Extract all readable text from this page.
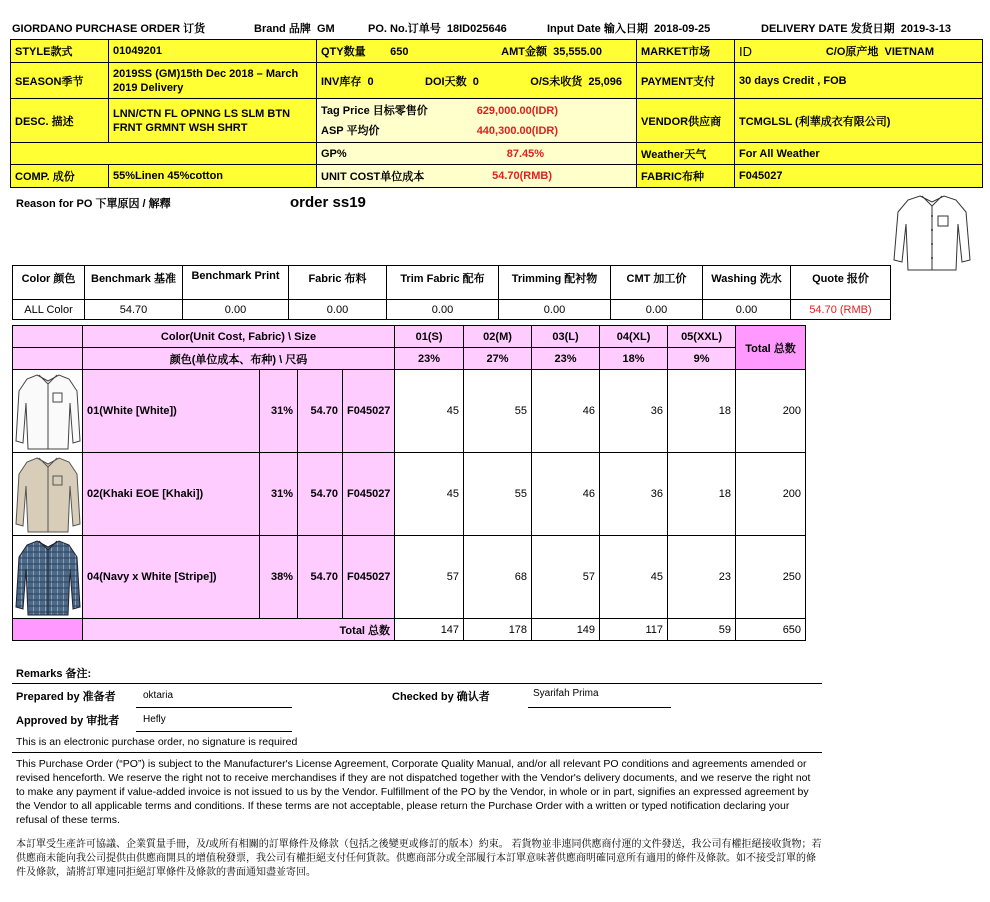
GIORDANO PURCHASE ORDER 订货	Brand 品牌 GM	PO. No.订单号 18ID025646	Input Date 输入日期 2018-09-25	DELIVERY DATE 发货日期 2019-3-13
STYLE款式	01049201	QTY数量 650 AMT金额 35,555.00	MARKET市场	ID C/O原产地 VIETNAM

SEASON季节	2019SS (GM)15th Dec 2018 – March 2019 Delivery	INV库存 0 DOI天数 0 O/S未收货 25,096	PAYMENT支付	30 days Credit , FOB
DESC. 描述	LNN/CTN FL OPNNG LS SLM BTN FRNT GRMNT WSH SHRT	Tag Price 目标零售价 629,000.00(IDR)
ASP 平均价 440,300.00(IDR)	VENDOR供应商	TCMGLSL (利華成衣有限公司)

		GP% 87.45%	Weather天气	For All Weather
COMP. 成份	55%Linen 45%cotton	UNIT COST单位成本 54.70(RMB)	FABRIC布种	F045027
Reason for PO 下單原因 / 解釋	order ss19
Color 颜色	Benchmark 基准	Benchmark Print	Fabric 布料	Trim Fabric 配布	Trimming 配衬物	CMT 加工价	Washing 洗水	Quote 报价
ALL Color	54.70	0.00	0.00	0.00	0.00	0.00	0.00	54.70 (RMB)
	Color(Unit Cost, Fabric) \ Size				01(S)	02(M)	03(L)	04(XL)	05(XXL)	Total 总数
	颜色(单位成本、布种) \ 尺码				23%	27%	23%	18%	9%	

	01(White [White])	31%	54.70	F045027	45	55	46	36	18	200

	02(Khaki EOE [Khaki])	31%	54.70	F045027	45	55	46	36	18	200

	04(Navy x White [Stripe])	38%	54.70	F045027	57	68	57	45	23	250
	Total 总数				147	178	149	117	59	650
Remarks 备注:
Prepared by 准备者	oktaria	Checked by 确认者	Syarifah Prima
Approved by 审批者 Hefly
This is an electronic purchase order, no signature is required
This Purchase Order (“PO”) is subject to the Manufacturer's License Agreement, Corporate Quality Manual, and/or all relevant PO conditions and agreements amended or revised henceforth. We reserve the right not to receive merchandises if they are not dispatched together with the Vendor's delivery documents, and we reserve the right not to make any payment if value-added invoice is not issued to us by the Vendor. Fulfillment of the PO by the Vendor, in whole or in part, signifies an expressed agreement by the Vendor to all applicable terms and conditions. If these terms are not acceptable, please return the Purchase Order with a written or typed notification declaring your refusal of these terms.
本訂單受生產許可協議、企業質量手冊，及/或所有相關的訂單條件及條款（包括之後變更或修訂的版本）約束。 若貨物並非連同供應商付運的文件發送，我公司有權拒絕接收貨物；若供應商未能向我公司提供由供應商開具的增值稅發票，我公司有權拒絕支付任何貨款。供應商部分或全部履行本訂單意味著供應商明確同意所有適用的條件及條款。如不接受訂單的條件及條款，請將訂單連同拒絕訂單條件及條款的書面通知盡並寄回。
